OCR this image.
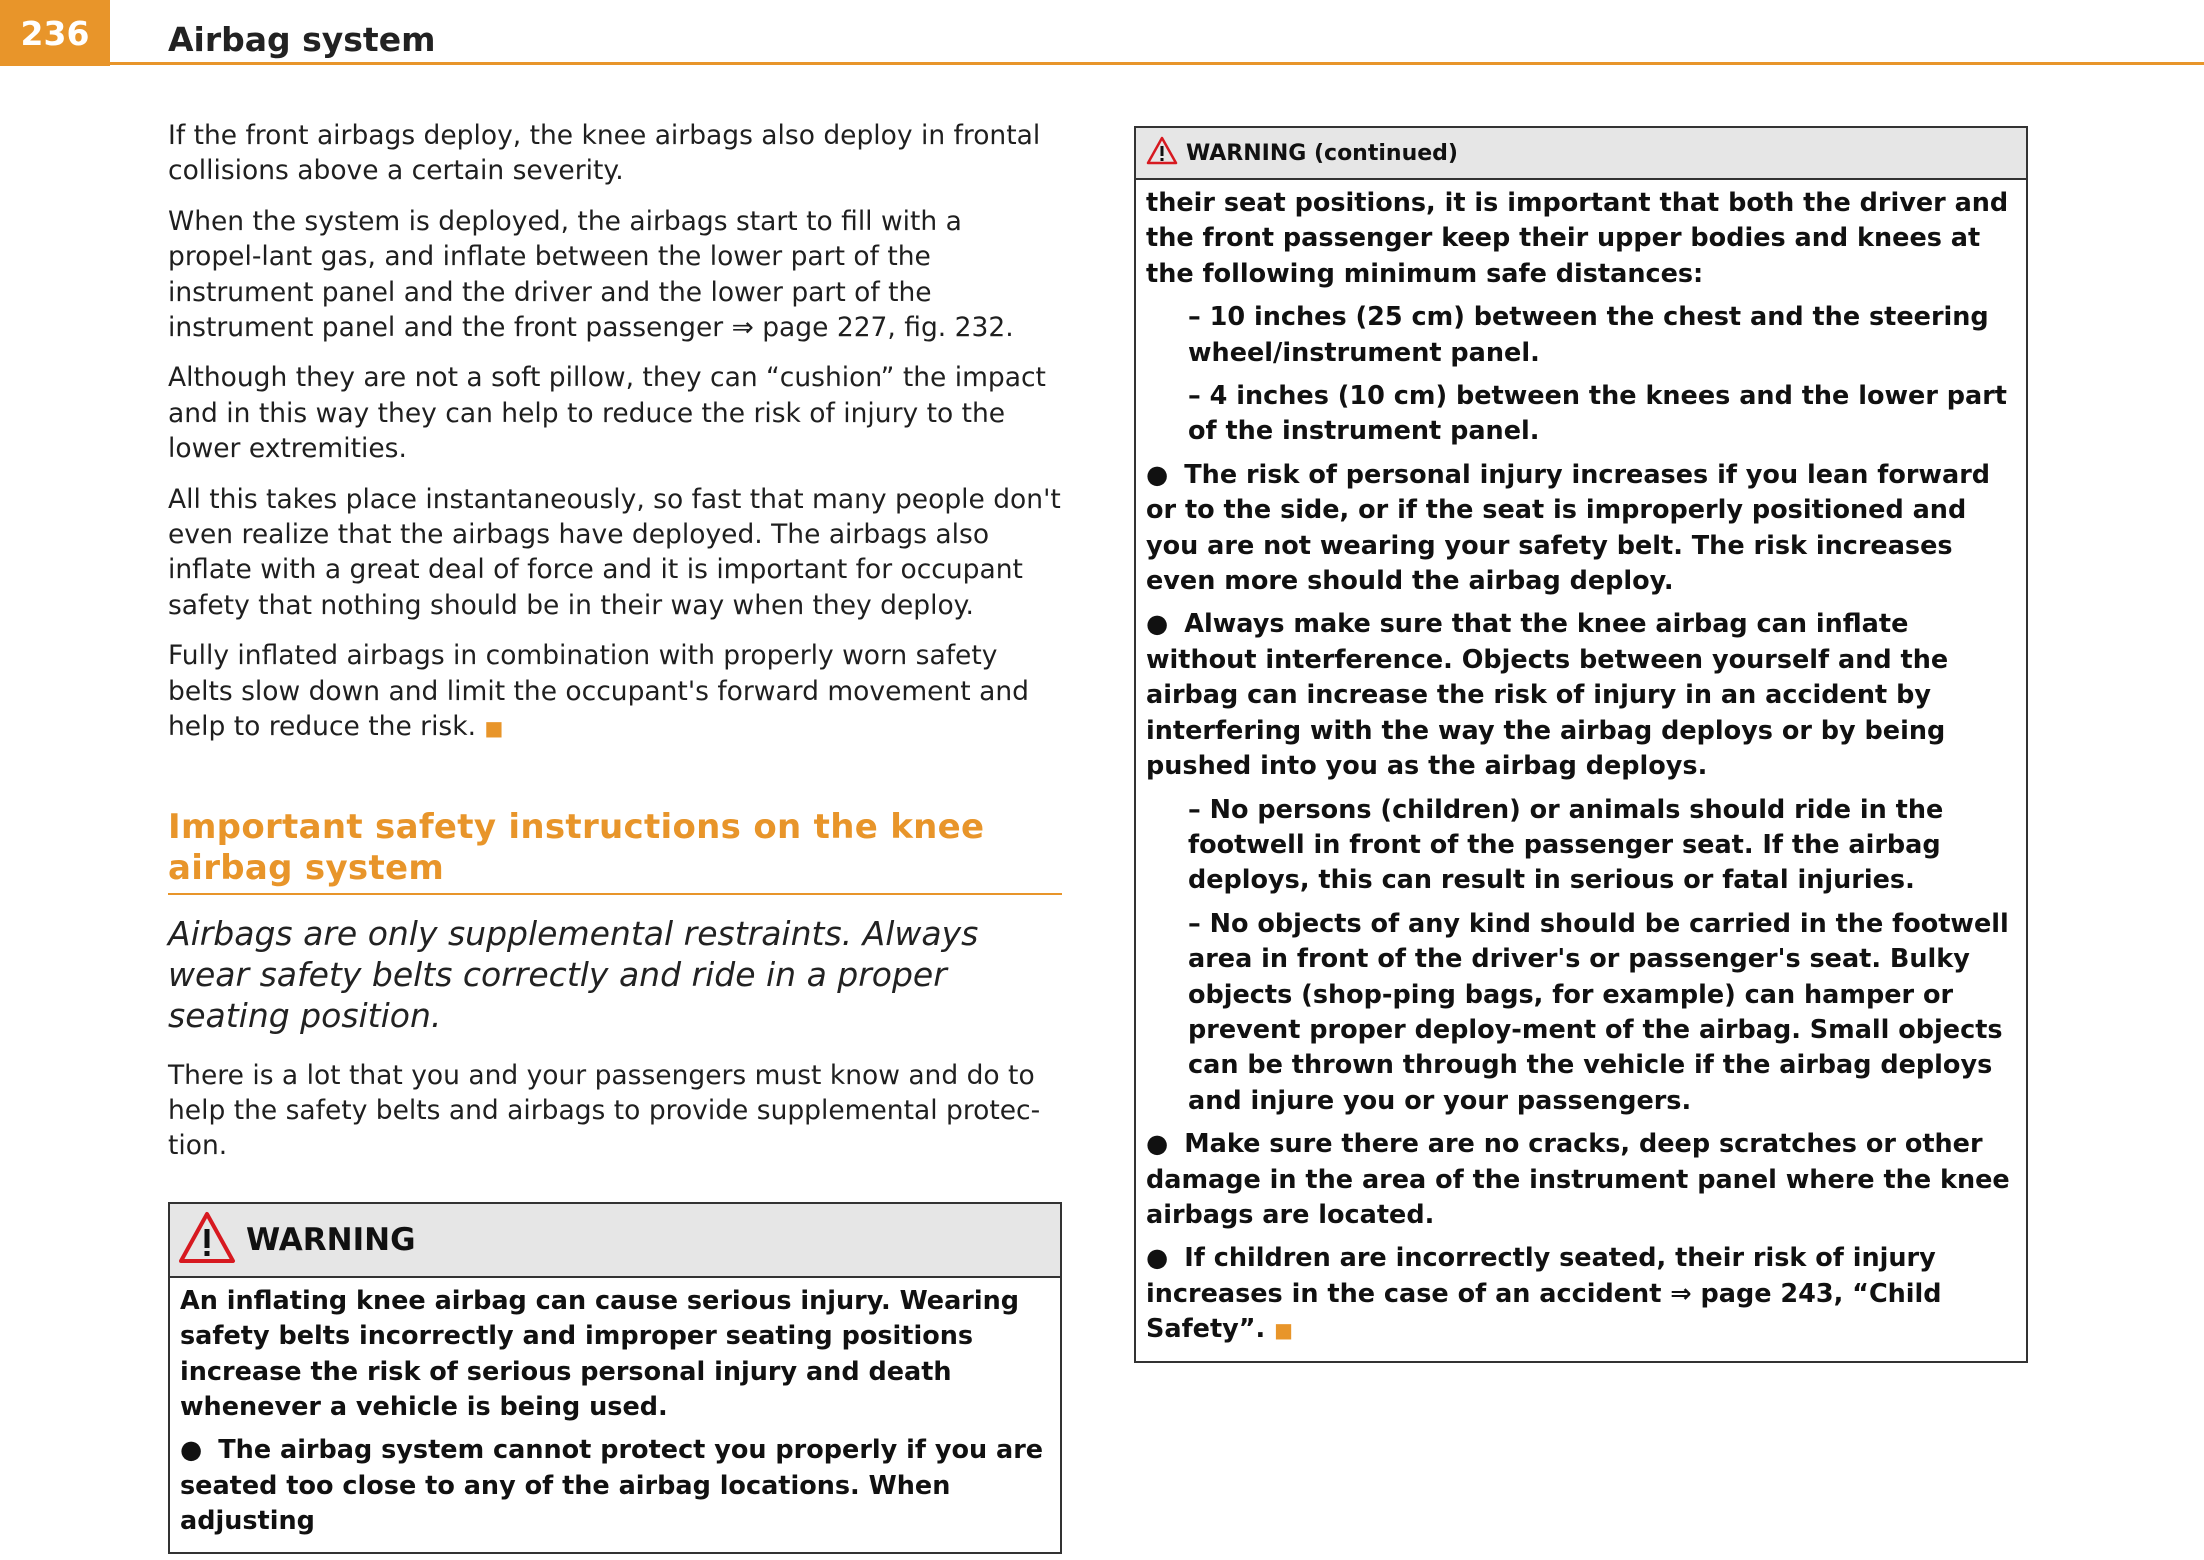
236	Airbag system

If the front airbags deploy, the knee airbags also deploy in frontal collisions above a certain severity.

When the system is deployed, the airbags start to fill with a propel-lant gas, and inflate between the lower part of the instrument panel and the driver and the lower part of the instrument panel and the front passenger ⇒ page 227, fig. 232.

Although they are not a soft pillow, they can “cushion” the impact and in this way they can help to reduce the risk of injury to the lower extremities.

All this takes place instantaneously, so fast that many people don't even realize that the airbags have deployed. The airbags also inflate with a great deal of force and it is important for occupant safety that nothing should be in their way when they deploy.

Fully inflated airbags in combination with properly worn safety belts slow down and limit the occupant's forward movement and help to reduce the risk. ■

Important safety instructions on the knee airbag system
Airbags are only supplemental restraints. Always wear safety belts correctly and ride in a proper seating position.

There is a lot that you and your passengers must know and do to help the safety belts and airbags to provide supplemental protec-tion.

WARNING

An inflating knee airbag can cause serious injury. Wearing safety belts incorrectly and improper seating positions increase the risk of serious personal injury and death whenever a vehicle is being used.

● The airbag system cannot protect you properly if you are seated too close to any of the airbag locations. When adjusting

WARNING (continued)

their seat positions, it is important that both the driver and the front passenger keep their upper bodies and knees at the following minimum safe distances:

– 10 inches (25 cm) between the chest and the steering wheel/instrument panel.

– 4 inches (10 cm) between the knees and the lower part of the instrument panel.

● The risk of personal injury increases if you lean forward or to the side, or if the seat is improperly positioned and you are not wearing your safety belt. The risk increases even more should the airbag deploy.

● Always make sure that the knee airbag can inflate without interference. Objects between yourself and the airbag can increase the risk of injury in an accident by interfering with the way the airbag deploys or by being pushed into you as the airbag deploys.

– No persons (children) or animals should ride in the footwell in front of the passenger seat. If the airbag deploys, this can result in serious or fatal injuries.

– No objects of any kind should be carried in the footwell area in front of the driver's or passenger's seat. Bulky objects (shop-ping bags, for example) can hamper or prevent proper deploy-ment of the airbag. Small objects can be thrown through the vehicle if the airbag deploys and injure you or your passengers.

● Make sure there are no cracks, deep scratches or other damage in the area of the instrument panel where the knee airbags are located.

● If children are incorrectly seated, their risk of injury increases in the case of an accident ⇒ page 243, “Child Safety”. ■
